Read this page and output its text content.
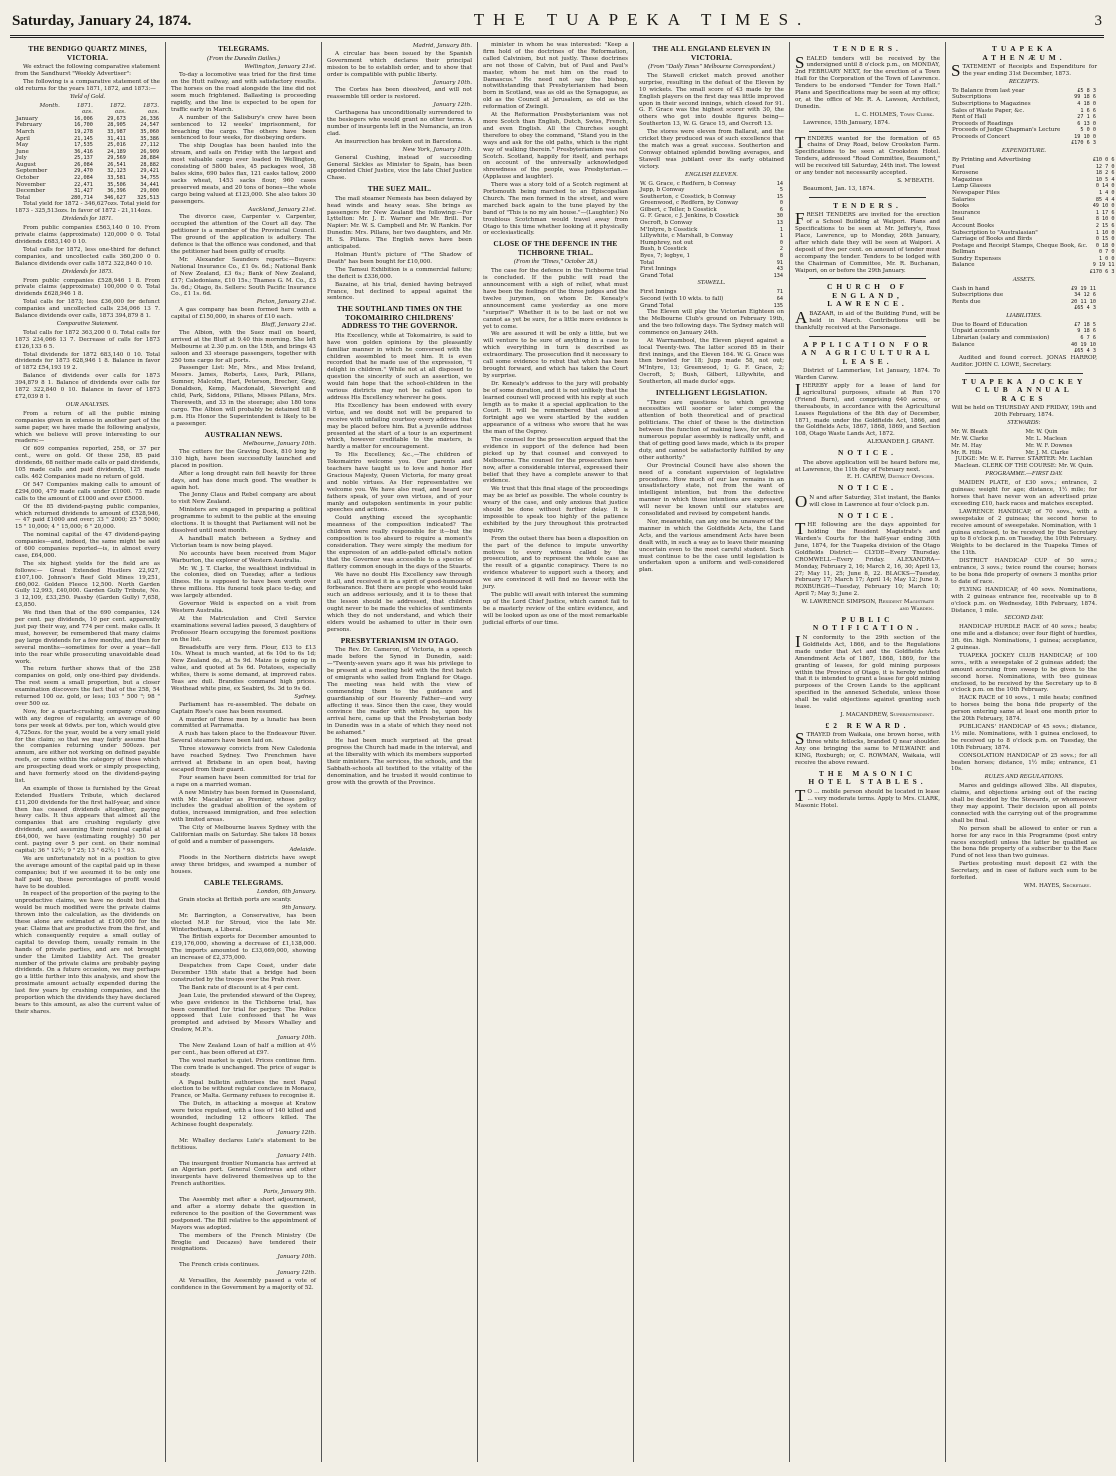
Saturday, January 24, 1874.	THE TUAPEKA TIMES.	3
THE BENDIGO QUARTZ MINES, VICTORIA.

We extract the following comparative statement from the Sandhurst "Weekly Advertiser":

The following is a comparative statement of the old returns for the years 1871, 1872, and 1873:—

Yield of Gold.
Month.	1871.	1872.	1873.
	ozs.	ozs.	ozs.
January	16,006	29,673	26,336
February	16,700	28,905	24,547
March	19,278	33,987	35,060
April	21,145	31,411	35,386
May	17,535	25,016	27,112
June	36,416	24,189	26,909
July	25,137	29,569	28,884
August	26,084	26,541	28,882
September	29,470	32,123	29,421
October	22,084	33,581	34,755
November	22,471	35,506	34,441
December	31,427	36,396	29,000
Total	280,714	346,627	325,513

Total yield for 1872 - 346,627ozs. Total yield for 1873 - 325,513ozs. In favor of 1872 - 21,114ozs.

Dividends for 1871.

From public companies £563,140 0 10. From private claims (approximate) 120,000 0 0. Total dividends £683,140 0 10.

Total calls for 1872, less one-third for defunct companies, and uncollected calls 360,200 0 0. Balance dividends over calls 1872 322,840 0 10.

Dividends for 1873.

From public companies £528,946 1 8. From private claims (approximate) 100,000 0 0. Total dividends £628,946 1 8.

Total calls for 1873; less £36,000 for defunct companies and uncollected calls 234,066 13 7. Balance dividends over calls, 1873 394,879 8 1.

Comparative Statement.

Total calls for 1872 363,200 0 0. Total calls for 1873 234,066 13 7. Decrease of calls for 1873 £126,133 6 5.

Total dividends for 1872 683,140 0 10. Total dividends for 1873 628,946 1 8. Balance in favor of 1872 £54,193 19 2.

Balance of dividends over calls for 1873 394,879 8 1. Balance of dividends over calls for 1872 322,840 0 10. Balance in favor of 1873 £72,039 8 1.

OUR ANALYSIS.

From a return of all the public mining companies given in extenso in another part of the same paper, we have made the following analysis, which we believe will prove interesting to our readers:—

Of 609 companies reported, 258, or 37 per cent., were on gold. Of these 258, 85 paid dividends, 68 neither made calls or paid dividends, 105 made calls and paid dividends, 125 made calls. 462 Companies made no return of gold.

Of 547 Companies making calls to amount of £294,000, 479 made calls under £1000. 73 made calls to the amount of £1000 and over £5000.

Of the 85 dividend-paying public companies, which returned dividends to amount of £528,946,— 47 paid £1000 and over; 33 " 2000; 25 " 5000; 15 " 10,000; 4 " 15,000; 6 " 20,000.

The nominal capital of the 47 dividend-paying companies—and, indeed, the same might be said of 600 companies reported—is, in almost every case, £64,000.

The six highest yields for the field are as follows:— Great Extended Hustlers 22,927, £107,100. Johnson's Reef Gold Mines 19,251, £60,002. Golden Fleece 12,500. North Garden Gully 12,993, £40,000. Garden Gully Tribute, No. 3 12,109, £33,250. Passby (Garden Gully) 7,658, £3,850.

We find then that of the 690 companies, 124 per cent. pay dividends, 10 per cent. apparently just pay their way, and 774 per cent. make calls. It must, however, be remembered that many claims pay large dividends for a few months, and then for several months—sometimes for over a year—fall into the rear while prosecuting unavoidable dead work.

The return further shows that of the 258 companies on gold, only one-third pay dividends. The rest seem a small proportion, but a closer examination discovers the fact that of the 258, 54 returned 100 oz. gold, or less; 103 " 500 "; 98 " over 500 oz.

Now, for a quartz-crushing company crushing with any degree of regularity, an average of 60 tons per week at 6dwts. per ton, which would give 4,725ozs. for the year, would be a very small yield for the claim; so that we may fairly assume that the companies returning under 500ozs. per annum, are either not working on defined payable reefs, or come within the category of those which are prospecting dead work or simply prospecting, and have formerly stood on the dividend-paying list.

An example of those is furnished by the Great Extended Hustlers Tribute, which declared £11,200 dividends for the first half-year, and since then has ceased dividends altogether, paying heavy calls. It thus appears that almost all the companies that are crushing regularly give dividends, and assuming their nominal capital at £64,000, we have (estimating roughly) 50 per cent. paying over 5 per cent. on their nominal capital; 36 " 12½; 9 " 25; 13 " 62½; 1 " 93.

We are unfortunately not in a position to give the average amount of the capital paid up in these companies; but if we assumed it to be only one half paid up, these percentages of profit would have to be doubled.

In respect of the proportion of the paying to the unproductive claims, we have no doubt but that would be much modified were the private claims thrown into the calculation, as the dividends on these alone are estimated at £100,000 for the year. Claims that are productive from the first, and which consequently require a small outlay of capital to develop them, usually remain in the hands of private parties, and are not brought under the Limited Liability Act. The greater number of the private claims are probably paying dividends. On a future occasion, we may perhaps go a little further into this analysis, and show the proximate amount actually expended during the last few years by crushing companies, and the proportion which the dividends they have declared bears to this amount, as also the current value of their shares.

TELEGRAMS.
(From the Dunedin Dailies.)
Wellington, January 21st.

To-day a locomotive was tried for the first time on the Hutt railway, and with satisfactory results. The horses on the road alongside the line did not seem much frightened. Ballasting is proceeding rapidly, and the line is expected to be open for traffic early in March.

A number of the Salisbury's crew have been sentenced to 12 weeks' imprisonment, for breaching the cargo. The others have been sentenced to four weeks, for disobeying orders.

The ship Douglas has been hauled into the stream, and sails on Friday with the largest and most valuable cargo ever loaded in Wellington, consisting of 5800 bales, 45 packages wool, 38 bales skins, 690 bales flax, 121 casks tallow, 2000 sacks wheat, 1453 sacks flour, 960 cases preserved meats, and 20 tons of bones—the whole cargo being valued at £123,000. She also takes 30 passengers.

Auckland, January 21st.

The divorce case, Carpenter v. Carpenter, occupied the attention of the Court all day. The petitioner is a member of the Provincial Council. The ground of the application is adultery. The defence is that the offence was condoned, and that the petitioner had been guilty of cruelty.

Mr. Alexander Saunders reports:—Buyers: National Insurance Co., £1 0s. 6d.; National Bank of New Zealand, £3 6s.; Bank of New Zealand, £17; Caledonians, £10 15s.; Thames G. M. Co., £3 3s. 6d.; Otago, 8s. Sellers: South Pacific Insurance Co., £1 1s. 6d.

Picton, January 21st.

A gas company has been formed here with a capital of £150,000, in shares of £10 each.

Bluff, January 21st.

The Albion, with the Suez mail on board, arrived at the Bluff at 9.40 this morning. She left Melbourne at 2.30 p.m. on the 15th, and brings 43 saloon and 33 steerage passengers, together with 250 tons cargo for all ports.

Passenger List: Mr., Mrs., and Miss Ireland, Messrs. James, Roberts, Lees, Park, Pillans, Sumner, Malcolm, Hart, Peterson, Brecher, Gray, Donaldson, Kemp, Macdonald, Sieveright and child, Park, Siddons, Pillans, Misses Pillans, Mrs. Thereweth, and 33 in the steerage; also 180 tons cargo. The Albion will probably be detained till 8 p.m. His Honor the Superintendent is likely to be a passenger.

AUSTRALIAN NEWS.
Melbourne, January 10th.

The cutters for the Graving Dock, 810 long by 310 high, have been successfully launched and placed in position.

After a long drought rain fell heavily for three days, and has done much good. The weather is again hot.

The Jenny Claus and Rebel company are about to visit New Zealand.

Ministers are engaged in preparing a political programme to submit to the public at the ensuing elections. It is thought that Parliament will not be dissolved until next month.

A handball match between a Sydney and Victorian team is now being played.

No accounts have been received from Major Warburton, the explorer of Western Australia.

Mr. W. J. T. Clarke, the wealthiest individual in the colonies, died on Tuesday, after a tedious illness. He is supposed to have been worth over three millions. His funeral took place to-day, and was largely attended.

Governor Weld is expected on a visit from Western Australia.

At the Matriculation and Civil Service examinations several ladies passed, 3 daughters of Professor Hearn occupying the foremost positions on the list.

Breadstuffs are very firm. Flour, £13 to £13 10s. Wheat is much wanted, at 6s 10d to 6s 1d; New Zealand do., at 5s 9d. Maize is going up in value, and quoted at 5s 6d. Potatoes, especially whites, there is some demand, at improved rates. Teas are dull. Brandies command high prices. Westhead white pine, ex Seabird, 9s. 3d to 9s 6d.

Sydney.

Parliament has re-assembled. The debate on Captain Rose's case has been resumed.

A murder of three men by a lunatic has been committed at Parramatta.

A rush has taken place to the Endeavour River. Several steamers have been laid on.

Three stowaway convicts from New Caledonia have reached Sydney. Two Frenchmen have arrived at Brisbane in an open boat, having escaped from their guard.

Four seamen have been committed for trial for a rape on a married woman.

A new Ministry has been formed in Queensland, with Mr. Macalister as Premier, whose policy includes the gradual abolition of the system of duties, increased immigration, and free selection with limited areas.

The City of Melbourne leaves Sydney with the Californian mails on Saturday. She takes 18 boxes of gold and a number of passengers.

Adelaide.

Floods in the Northern districts have swept away three bridges, and swamped a number of houses.

CABLE TELEGRAMS.
London, 6th January.

Grain stocks at British ports are scanty.

9th January.

Mr. Barrington, a Conservative, has been elected M.P. for Stroud, vice the late Mr. Winterbotham, a Liberal.

The British exports for December amounted to £19,176,000, showing a decrease of £1,138,000. The imports amounted to £33,669,000, showing an increase of £2,375,000.

Despatches from Cape Coast, under date December 15th state that a bridge had been constructed by the troops over the Prah river.

The Bank rate of discount is at 4 per cent.

Jean Luie, the pretended steward of the Osprey, who gave evidence in the Tichborne trial, has been committed for trial for perjury. The Police opposed that Luie confessed that he was prompted and advised by Messrs Whalley and Onslow, M.P.'s.

January 10th.

The New Zealand Loan of half a million at 4½ per cent., has been offered at £97.

The wool market is quiet. Prices continue firm. The corn trade is unchanged. The price of sugar is steady.

A Papal bulletin authorises the next Papal election to be without regular conclave in Monaco, France, or Malta. Germany refuses to recognise it.

The Dutch, in attacking a mosque at Kratow were twice repulsed, with a loss of 140 killed and wounded, including 12 officers killed. The Achinese fought desperately.

January 12th.

Mr. Whalley declares Luie's statement to be fictitious.

January 14th.

The insurgent frontier Numancia has arrived at an Algerian port. General Contreras and other insurgents have delivered themselves up to the French authorities.

Paris, January 9th.

The Assembly met after a short adjournment, and after a stormy debate the question in reference to the position of the Government was postponed. The Bill relative to the appointment of Mayors was adopted.

The members of the French Ministry (De Broglie and Decazes) have tendered their resignations.

January 10th.

The French crisis continues.

January 12th.

At Versailles, the Assembly passed a vote of confidence in the Government by a majority of 52.

Madrid, January 8th.

A circular has been issued by the Spanish Government which declares their principal mission to be to establish order, and to show that order is compatible with public liberty.

January 10th.

The Cortes has been dissolved, and will not reassemble till order is restored.

January 12th.

Carthagena has unconditionally surrendered to the besiegers who would grant no other terms. A number of insurgents left in the Numancia, an iron clad.

An insurrection has broken out in Barcelona.

New York, January 10th.

General Cushing, instead of succeeding General Sickles as Minister to Spain, has been appointed Chief Justice, vice the late Chief Justice Chase.

THE SUEZ MAIL.

The mail steamer Nemesis has been delayed by head winds and heavy seas. She brings as passengers for New Zealand the following:—For Lyttelton: Mr. J. E. Warner and Mr. Brill. For Napier: Mr. W. S. Campbell and Mr. W. Rankin. For Dunedin: Mrs. Pillans, her two daughters, and Mr. H. S. Pillans. The English news have been anticipated.

Holman Hunt's picture of "The Shadow of Death" has been bought for £10,000.

The Tamsui Exhibition is a commercial failure; the deficit is £336,000.

Bazaine, at his trial, denied having betrayed France, but declined to appeal against the sentence.

THE SOUTHLAND TIMES ON THE TOKOMAIRIRO CHILDRENS' ADDRESS TO THE GOVERNOR.

His Excellency, while at Tokomairiro, is said to have won golden opinions by the pleasantly familiar manner in which he conversed with the children assembled to meet him. It is even recorded that he made use of the expression, "I delight in children." While not at all disposed to question the sincerity of such an assertion, we would fain hope that the school-children in the various districts may not be called upon to address His Excellency wherever he goes.

His Excellency has been endowed with every virtue, and we doubt not will be prepared to receive with unfailing courtesy every address that may be placed before him. But a juvenile address presented at the start of a tour is an experiment which, however creditable to the masters, is hardly a matter for encouragement.

To His Excellency, &c.,—The children of Tokomairiro welcome you. Our parents and teachers have taught us to love and honor Her Gracious Majesty, Queen Victoria, for many great and noble virtues. As Her representative we welcome you. We have also read, and heard our fathers speak, of your own virtues, and of your manly and outspoken sentiments in your public speeches and actions.

Could anything exceed the sycophantic meanness of the composition indicated? The children were really responsible for it—but the composition is too absurd to require a moment's consideration. They were simply the medium for the expression of an addle-pated official's notion that the Governor was accessible to a species of flattery common enough in the days of the Stuarts.

We have no doubt His Excellency saw through it all, and received it in a spirit of good-humoured forbearance. But there are people who would take such an address seriously, and it is to these that the lesson should be addressed, that children ought never to be made the vehicles of sentiments which they do not understand, and which their elders would be ashamed to utter in their own persons.

PRESBYTERIANISM IN OTAGO.

The Rev. Dr. Cameron, of Victoria, in a speech made before the Synod in Dunedin, said:—"Twenty-seven years ago it was his privilege to be present at a meeting held with the first batch of emigrants who sailed from England for Otago. The meeting was held with the view of commending them to the guidance and guardianship of our Heavenly Father—and very affecting it was. Since then the case, they would convince the reader with which he, upon his arrival here, came up that the Presbyterian body in Dunedin was in a state of which they need not be ashamed."

He had been much surprised at the great progress the Church had made in the interval, and at the liberality with which its members supported their ministers. The services, the schools, and the Sabbath-schools all testified to the vitality of the denomination, and he trusted it would continue to grow with the growth of the Province.

minister in whom he was interested: "Keep a firm hold of the doctrines of the Reformation, called Calvinism, but not justly. These doctrines are not those of Calvin, but of Paul and Paul's master, whom he met him on the road to Damascus." He need not say the bishop, notwithstanding that Presbyterianism had been born in Scotland, was as old as the Synagogue, as old as the Council at Jerusalem, as old as the reformation of Zwingli.

At the Reformation Presbyterianism was not more Scotch than English, Dutch, Swiss, French, and even English. All the Churches sought therefore to obey the command, "Stand you in the ways and ask for the old paths, which is the right way of walking therein." Presbyterianism was not Scotch. Scotland, happily for itself, and perhaps on account of the universally acknowledged shrewdness of the people, was Presbyterian.—(Applause and laughter).

There was a story told of a Scotch regiment at Portsmouth being marched to an Episcopalian Church. The men formed in the street, and were marched back again to the tune played by the band of "This is no my ain house."—(Laughter.) No troublous Scotchman would travel away from Otago to this time whether looking at it physically or ecclesiastically.

CLOSE OF THE DEFENCE IN THE TICHBORNE TRIAL.
(From the "Times," October 28.)

The case for the defence in the Tichborne trial is concluded. If the public will read the announcement with a sigh of relief, what must have been the feelings of the three judges and the twelve jurymen, on whom Dr. Kenealy's announcement came yesterday as one more "surprise?" Whether it is to be last or not we cannot as yet be sure, for a little more evidence is yet to come.

We are assured it will be only a little, but we will venture to be sure of anything in a case to which everything in turn is described as extraordinary. The prosecution find it necessary to call some evidence to rebut that which has been brought forward, and which has taken the Court by surprise.

Dr. Kenealy's address to the jury will probably be of some duration, and it is not unlikely that the learned counsel will proceed with his reply at such length as to make it a special application to the Court. It will be remembered that about a fortnight ago we were startled by the sudden appearance of a witness who swore that he was the man of the Osprey.

The counsel for the prosecution argued that the evidence in support of the defence had been picked up by that counsel and conveyed to Melbourne. The counsel for the prosecution have now, after a considerable interval, expressed their belief that they have a complete answer to that evidence.

We trust that this final stage of the proceedings may be as brief as possible. The whole country is weary of the case, and only anxious that justice should be done without further delay. It is impossible to speak too highly of the patience exhibited by the jury throughout this protracted inquiry.

From the outset there has been a disposition on the part of the defence to impute unworthy motives to every witness called by the prosecution, and to represent the whole case as the result of a gigantic conspiracy. There is no evidence whatever to support such a theory, and we are convinced it will find no favour with the jury.

The public will await with interest the summing up of the Lord Chief Justice, which cannot fail to be a masterly review of the entire evidence, and will be looked upon as one of the most remarkable judicial efforts of our time.

THE ALL ENGLAND ELEVEN IN VICTORIA.
(From "Daily Times" Melbourne Correspondent.)

The Stawell cricket match proved another surprise, resulting in the defeat of the Eleven by 10 wickets. The small score of 43 made by the English players on the first day was little improved upon in their second innings, which closed for 91. G. F. Grace was the highest scorer with 30, the others who got into double figures being—Southerton 13, W. G. Grace 15, and Oscroft 13.

The stores were eleven from Ballarat, and the cricket they produced was of such excellence that the match was a great success. Southerton and Conway obtained splendid bowling averages, and Stawell was jubilant over its early obtained victory.

ENGLISH ELEVEN.
W. G. Grace, c Redfern, b Conway	14
Jupp, b Conway	5
Southerton, c Cosstick, b Conway	15
Greenwood, c Redfern, by Conway	0
Gilbert, c Teller, b Cosstick	6
G. F. Grace, c J. Jenkins, b Cosstick	30
Oscroft, b Conway	13
M'Intyre, b Cosstick	1
Lillywhite, c Marshall, b Conway	1
Humphrey, not out	0
Bush, b Cosstick	2
Byes, 7; legbye, 1	8
Total	91
First Innings	43
Grand Total	134
STAWELL.
First Innings	71
Second (with 10 wkts. to fall)	64
Grand Total	135

The Eleven will play the Victorian Eighteen on the Melbourne Club's ground on February 19th, and the two following days. The Sydney match will commence on January 24th.

At Warrnambool, the Eleven played against a local Twenty-two. The latter scored 85 in their first innings, and the Eleven 164. W. G. Grace was then bowled for 18; Jupp made 58, not out; M'Intyre, 13; Greenwood, 1; G. F. Grace, 2; Oscroft, 5; Bush, Gilbert, Lillywhite, and Southerton, all made ducks' eggs.

INTELLIGENT LEGISLATION.

"There are questions to which growing necessities will sooner or later compel the attention of both theoretical and of practical politicians. The chief of these is the distinction between the function of making laws, for which a numerous popular assembly is radically unfit, and that of getting good laws made, which is its proper duty, and cannot be satisfactorily fulfilled by any other authority."

Our Provincial Council have also shown the need of a constant supervision of legislative procedure. How much of our law remains in an unsatisfactory state, not from the want of intelligent intention, but from the defective manner in which those intentions are expressed, will never be known until our statutes are consolidated and revised by competent hands.

Nor, meanwhile, can any one be unaware of the manner in which the Goldfields Acts, the Land Acts, and the various amendment Acts have been dealt with, in such a way as to leave their meaning uncertain even to the most careful student. Such must continue to be the case until legislation is undertaken upon a uniform and well-considered plan.

TENDERS.

SEALED tenders will be received by the undersigned until 8 o'clock p.m., on MONDAY, 2nd FEBRUARY NEXT, for the erection of a Town Hall for the Corporation of the Town of Lawrence. Tenders to be endorsed "Tender for Town Hall." Plans and Specifications may be seen at my office; or, at the office of Mr. R. A. Lawson, Architect, Dunedin.

L. C. HOLMES, Town Clerk.

Lawrence, 15th January, 1874.

TENDERS wanted for the formation of 65 chains of Dray Road, below Crookston Farm. Specifications to be seen at Crookston Hotel. Tenders, addressed "Road Committee, Beaumont," will be received till Saturday, 24th inst. The lowest or any tender not necessarily accepted.

S. M'BEATH.

Beaumont, Jan. 13, 1874.

TENDERS.

FRESH TENDERS are invited for the erection of a School Building at Waipori. Plans and Specifications to be seen at Mr. Jeffery's, Ross Place, Lawrence, up to Monday, 26th January, after which date they will be seen at Waipori. A deposit of five per cent. on amount of tender must accompany the tender. Tenders to be lodged with the Chairman of Committee, Mr. R. Buchanan, Waipori, on or before the 29th January.

CHURCH OF ENGLAND, LAWRENCE.

ABAZAAR, in aid of the Building Fund, will be held in March. Contributions will be thankfully received at the Parsonage.

APPLICATION FOR AN AGRICULTURAL LEASE.

District of Lammerlaw, 1st January, 1874. To Warden Carew.

IHEREBY apply for a lease of land for agricultural purposes, situate at Run 170 (Friend Burn), and comprising 640 acres, or thereabouts, in accordance with the Agricultural Leases Regulations of the 8th day of December, 1871, made under the Goldfields Act, 1866, and the Goldfields Acts, 1867, 1868, 1869, and Section 108, Otago Waste Lands Act, 1872.

ALEXANDER J. GRANT.

NOTICE.

The above application will be heard before me, at Lawrence, the 11th day of February next.

E. H. CAREW, District Officer.

NOTICE.

ON and after Saturday, 31st instant, the Banks will close in Lawrence at four o'clock p.m.

NOTICE.

THE following are the days appointed for holding the Resident Magistrate's and Warden's Courts for the half-year ending 30th June, 1874, for the Tuapeka division of the Otago Goldfields District:— CLYDE—Every Thursday. CROMWELL—Every Friday. ALEXANDRA—Monday, February 2, 16; March 2, 16, 30; April 13, 27; May 11, 25; June 8, 22. BLACKS—Tuesday, February 17; March 17; April 14; May 12; June 9. ROXBURGH—Tuesday, February 10; March 10; April 7; May 5; June 2.

W. LAWRENCE SIMPSON, Resident Magistrate and Warden.

PUBLIC NOTIFICATION.

IN conformity to the 29th section of the Goldfields Act, 1866, and to the Regulations made under that Act and the Goldfields Acts Amendment Acts of 1867, 1868, 1869, for the granting of leases, for gold mining purposes within the Province of Otago, it is hereby notified that it is intended to grant a lease for gold mining purposes of the Crown Lands to the applicant specified in the annexed Schedule, unless those shall be valid objections against granting such lease.

J. MACANDREW, Superintendent.

£2 REWARD.

STRAYED from Waikaia, one brown horse, with three white fetlocks, branded Q near shoulder. Any one bringing the same to M'ILWAINE and KING, Roxburgh; or, C. ROWMAN, Waikaia, will receive the above reward.

THE MASONIC HOTEL STABLES.

TO ... mobile person should be located in lease ... very moderate terms. Apply to Mrs. CLARK, Masonic Hotel.

TUAPEKA ATHENÆUM.

STATEMENT of Receipts and Expenditure for the year ending 31st December, 1873.

RECEIPTS.
To Balance from last year	£5 8 3
Subscriptions	99 18 6
Subscriptions to Magazines	4 18 0
Sales of Waste Paper, &c.	1 6 6
Rent of Hall	27 1 6
Proceeds of Readings	6 13 0
Proceeds of Judge Chapman's Lecture	5 0 0
Proceeds of Concert	19 10 0
	£170 6 3
EXPENDITURE.
By Printing and Advertising	£10 0 6
Fuel	12 7 0
Kerosene	18 2 6
Magazines	10 5 4
Lamp Glasses	0 14 0
Newspaper Files	1 4 0
Salaries	85 4 4
Books	49 10 0
Insurance	1 17 6
Seal	8 10 0
Account Books	2 15 6
Subscription to "Australasian"	1 10 0
Carriage of Books and Birds	0 15 0
Postage and Receipt Stamps, Cheque Book, &c.	0 18 0
Bellman	0 7 0
Sundry Expenses	1 0 0
Balance	9 19 11
	£170 6 3
ASSETS.
Cash in hand	£9 19 11
Subscriptions due	34 12 6
Rents due	20 11 10
	£65 4 3
LIABILITIES.
Due to Board of Education	£7 18 5
Unpaid accounts	9 18 6
Librarian (salary and commission)	6 7 6
Balance	40 19 10
	£65 4 3

Audited and found correct. JONAS HARROP, Auditor. JOHN C. LOWE, Secretary.

TUAPEKA JOCKEY CLUB ANNUAL RACES

Will be held on THURSDAY AND FRIDAY, 19th and 20th February, 1874.

STEWARDS:
Mr. W. Bleath	Mr. W. Quin
Mr. W. Clarke	Mr. L. Maclean
Mr. M. Hay	Mr. W. F. Downes
Mr. R. Hills	Mr. J. M. Clarke

JUDGE: Mr. W. E. Farrer. STARTER: Mr. Lachlan Maclean. CLERK OF THE COURSE: Mr. W. Quin.

PROGRAMME.—FIRST DAY.

MAIDEN PLATE, of £30 sovs.; entrance, 2 guineas; weight for age; distance, 1½ mile; for horses that have never won an advertised prize exceeding £10, hack races and matches excepted.

LAWRENCE HANDICAP, of 70 sovs., with a sweepstake of 2 guineas; the second horse to receive amount of sweepstake. Nomination, with 1 guinea enclosed, to be received by the Secretary up to 8 o'clock p.m. on Tuesday, the 10th February. Weights to be declared in the Tuapeka Times of the 11th.

DISTRICT HANDICAP CUP of 50 sovs.; entrance, 3 sovs.; twice round the course; horses to be bona fide property of owners 3 months prior to date of race.

FLYING HANDICAP, of 40 sovs. Nominations, with 2 guineas entrance fee, receivable up to 8 o'clock p.m. on Wednesday, 18th February, 1874. Distance, 1 mile.

SECOND DAY.

HANDICAP HURDLE RACE of 40 sovs.; heats; one mile and a distance; over four flight of hurdles, 3ft. 6in. high. Nominations, 1 guinea; acceptance, 2 guineas.

TUAPEKA JOCKEY CLUB HANDICAP, of 100 sovs., with a sweepstake of 2 guineas added; the amount accruing from sweep to be given to the second horse. Nominations, with two guineas enclosed, to be received by the Secretary up to 8 o'clock p.m. on the 10th February.

HACK RACE of 10 sovs., 1 mile heats; confined to horses being the bona fide property of the person entering same at least one month prior to the 20th February, 1874.

PUBLICANS' HANDICAP of 45 sovs.; distance, 1½ mile. Nominations, with 1 guinea enclosed, to be received up to 8 o'clock p.m. on Tuesday, the 10th February, 1874.

CONSOLATION HANDICAP of 25 sovs.; for all beaten horses; distance, 1½ mile; entrance, £1 10s.

RULES AND REGULATIONS.

Mares and geldings allowed 3lbs. All disputes, claims, and objections arising out of the racing shall be decided by the Stewards, or whomsoever they may appoint. Their decision upon all points connected with the carrying out of the programme shall be final.

No person shall be allowed to enter or run a horse for any race in this Programme (post entry races excepted) unless the latter be qualified as the bona fide property of a subscriber to the Race Fund of not less than two guineas.

Parties protesting must deposit £2 with the Secretary, and in case of failure such sum to be forfeited.

WM. HAYES, Secretary.
